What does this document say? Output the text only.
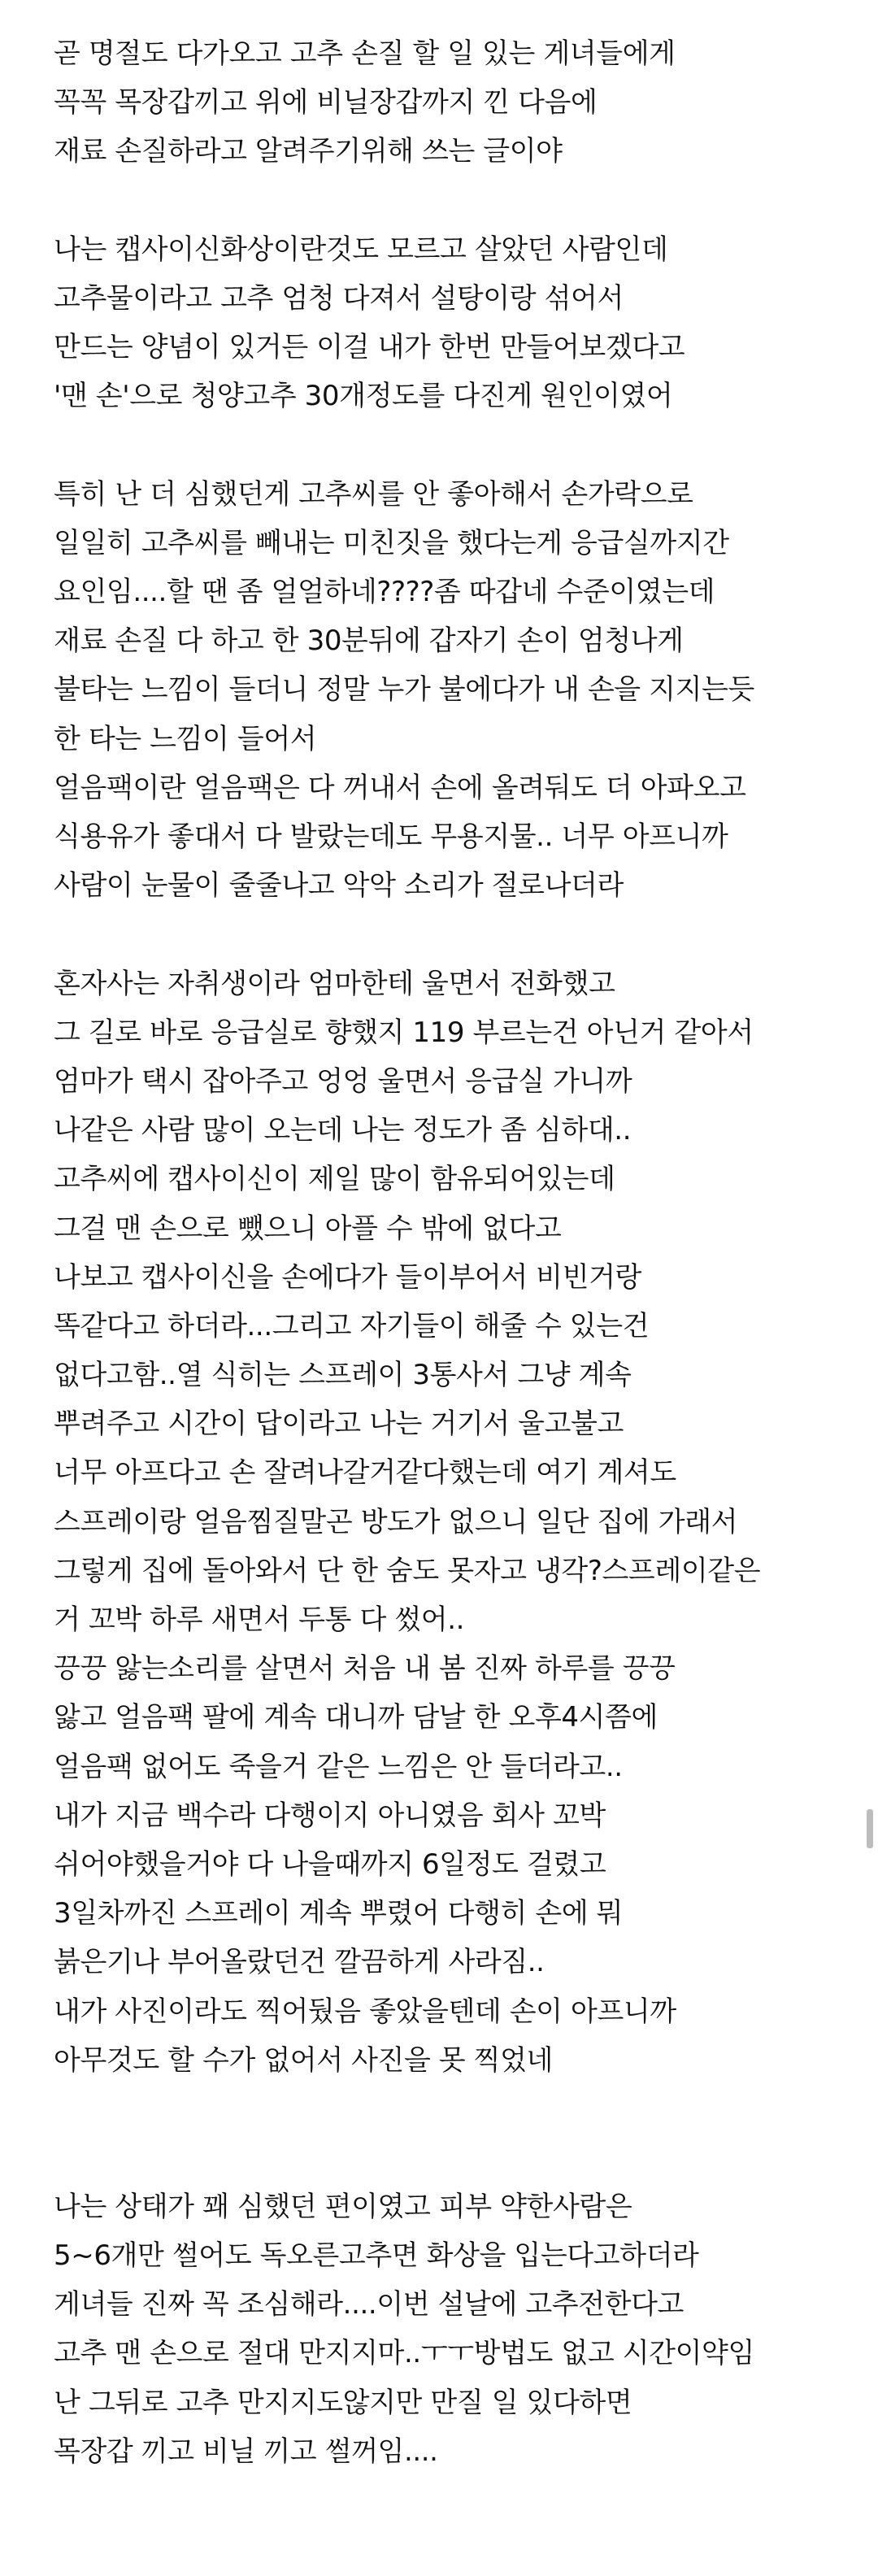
곧 명절도 다가오고 고추 손질 할 일 있는 게녀들에게
꼭꼭 목장갑끼고 위에 비닐장갑까지 낀 다음에
재료 손질하라고 알려주기위해 쓰는 글이야
나는 캡사이신화상이란것도 모르고 살았던 사람인데
고추물이라고 고추 엄청 다져서 설탕이랑 섞어서
만드는 양념이 있거든 이걸 내가 한번 만들어보겠다고
'맨 손'으로 청양고추 30개정도를 다진게 원인이였어
특히 난 더 심했던게 고추씨를 안 좋아해서 손가락으로
일일히 고추씨를 빼내는 미친짓을 했다는게 응급실까지간
요인임....할 땐 좀 얼얼하네????좀 따갑네 수준이였는데
재료 손질 다 하고 한 30분뒤에 갑자기 손이 엄청나게
불타는 느낌이 들더니 정말 누가 불에다가 내 손을 지지는듯
한 타는 느낌이 들어서
얼음팩이란 얼음팩은 다 꺼내서 손에 올려둬도 더 아파오고
식용유가 좋대서 다 발랐는데도 무용지물.. 너무 아프니까
사람이 눈물이 줄줄나고 악악 소리가 절로나더라
혼자사는 자취생이라 엄마한테 울면서 전화했고
그 길로 바로 응급실로 향했지 119 부르는건 아닌거 같아서
엄마가 택시 잡아주고 엉엉 울면서 응급실 가니까
나같은 사람 많이 오는데 나는 정도가 좀 심하대..
고추씨에 캡사이신이 제일 많이 함유되어있는데
그걸 맨 손으로 뺐으니 아플 수 밖에 없다고
나보고 캡사이신을 손에다가 들이부어서 비빈거랑
똑같다고 하더라...그리고 자기들이 해줄 수 있는건
없다고함..열 식히는 스프레이 3통사서 그냥 계속
뿌려주고 시간이 답이라고 나는 거기서 울고불고
너무 아프다고 손 잘려나갈거같다했는데 여기 계셔도
스프레이랑 얼음찜질말곤 방도가 없으니 일단 집에 가래서
그렇게 집에 돌아와서 단 한 숨도 못자고 냉각?스프레이같은
거 꼬박 하루 새면서 두통 다 썼어..
끙끙 앓는소리를 살면서 처음 내 봄 진짜 하루를 끙끙
앓고 얼음팩 팔에 계속 대니까 담날 한 오후4시쯤에
얼음팩 없어도 죽을거 같은 느낌은 안 들더라고..
내가 지금 백수라 다행이지 아니였음 회사 꼬박
쉬어야했을거야 다 나을때까지 6일정도 걸렸고
3일차까진 스프레이 계속 뿌렸어 다행히 손에 뭐
붉은기나 부어올랐던건 깔끔하게 사라짐..
내가 사진이라도 찍어뒀음 좋았을텐데 손이 아프니까
아무것도 할 수가 없어서 사진을 못 찍었네
나는 상태가 꽤 심했던 편이였고 피부 약한사람은
5~6개만 썰어도 독오른고추면 화상을 입는다고하더라
게녀들 진짜 꼭 조심해라....이번 설날에 고추전한다고
고추 맨 손으로 절대 만지지마..ㅜㅜ방법도 없고 시간이약임
난 그뒤로 고추 만지지도않지만 만질 일 있다하면
목장갑 끼고 비닐 끼고 썰꺼임....
